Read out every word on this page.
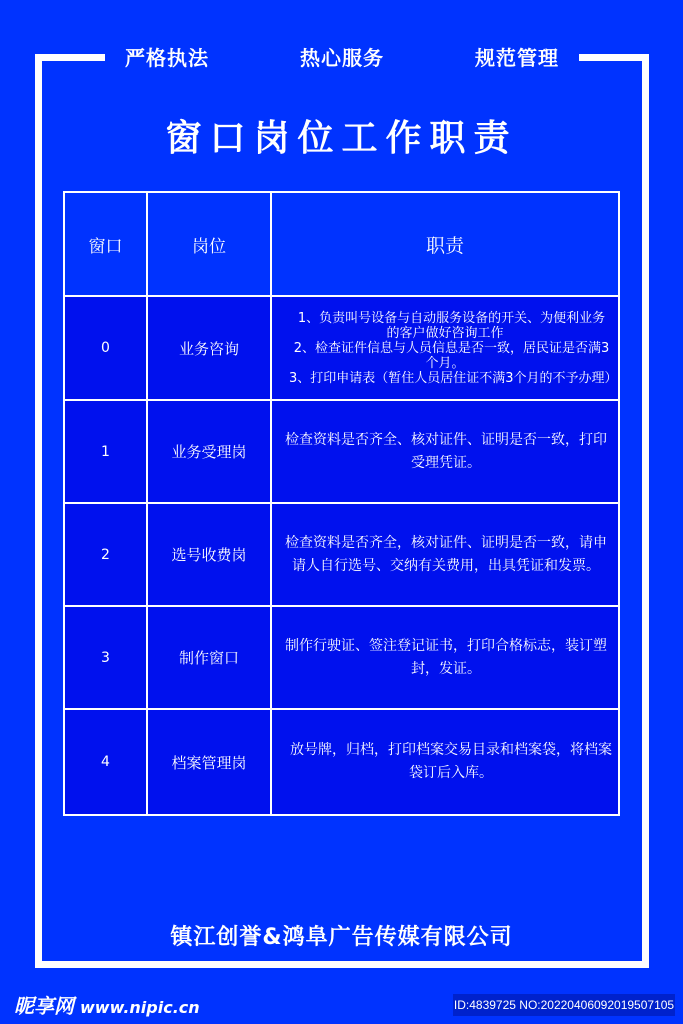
严格执法	热心服务	规范管理
窗口岗位工作职责
窗口	岗位	职责
0	业务咨询	　1、负责叫号设备与自动服务设备的开关、为便利业务　 的客户做好咨询工作
　2、检查证件信息与人员信息是否一致，居民证是否满3个月。
　3、打印申请表（暂住人员居住证不满3个月的不予办理）

1	业务受理岗	检查资料是否齐全、核对证件、证明是否一致，打印受理凭证。
2	选号收费岗	检查资料是否齐全，核对证件、证明是否一致，请申请人自行选号、交纳有关费用，出具凭证和发票。
3	制作窗口	制作行驶证、签注登记证书，打印合格标志，装订塑封，发证。
4	档案管理岗	放号牌，归档，打印档案交易目录和档案袋，将档案袋订后入库。
镇江创誉&鸿阜广告传媒有限公司
昵享网 www.nipic.cn	ID:4839725 NO:20220406092019507105
